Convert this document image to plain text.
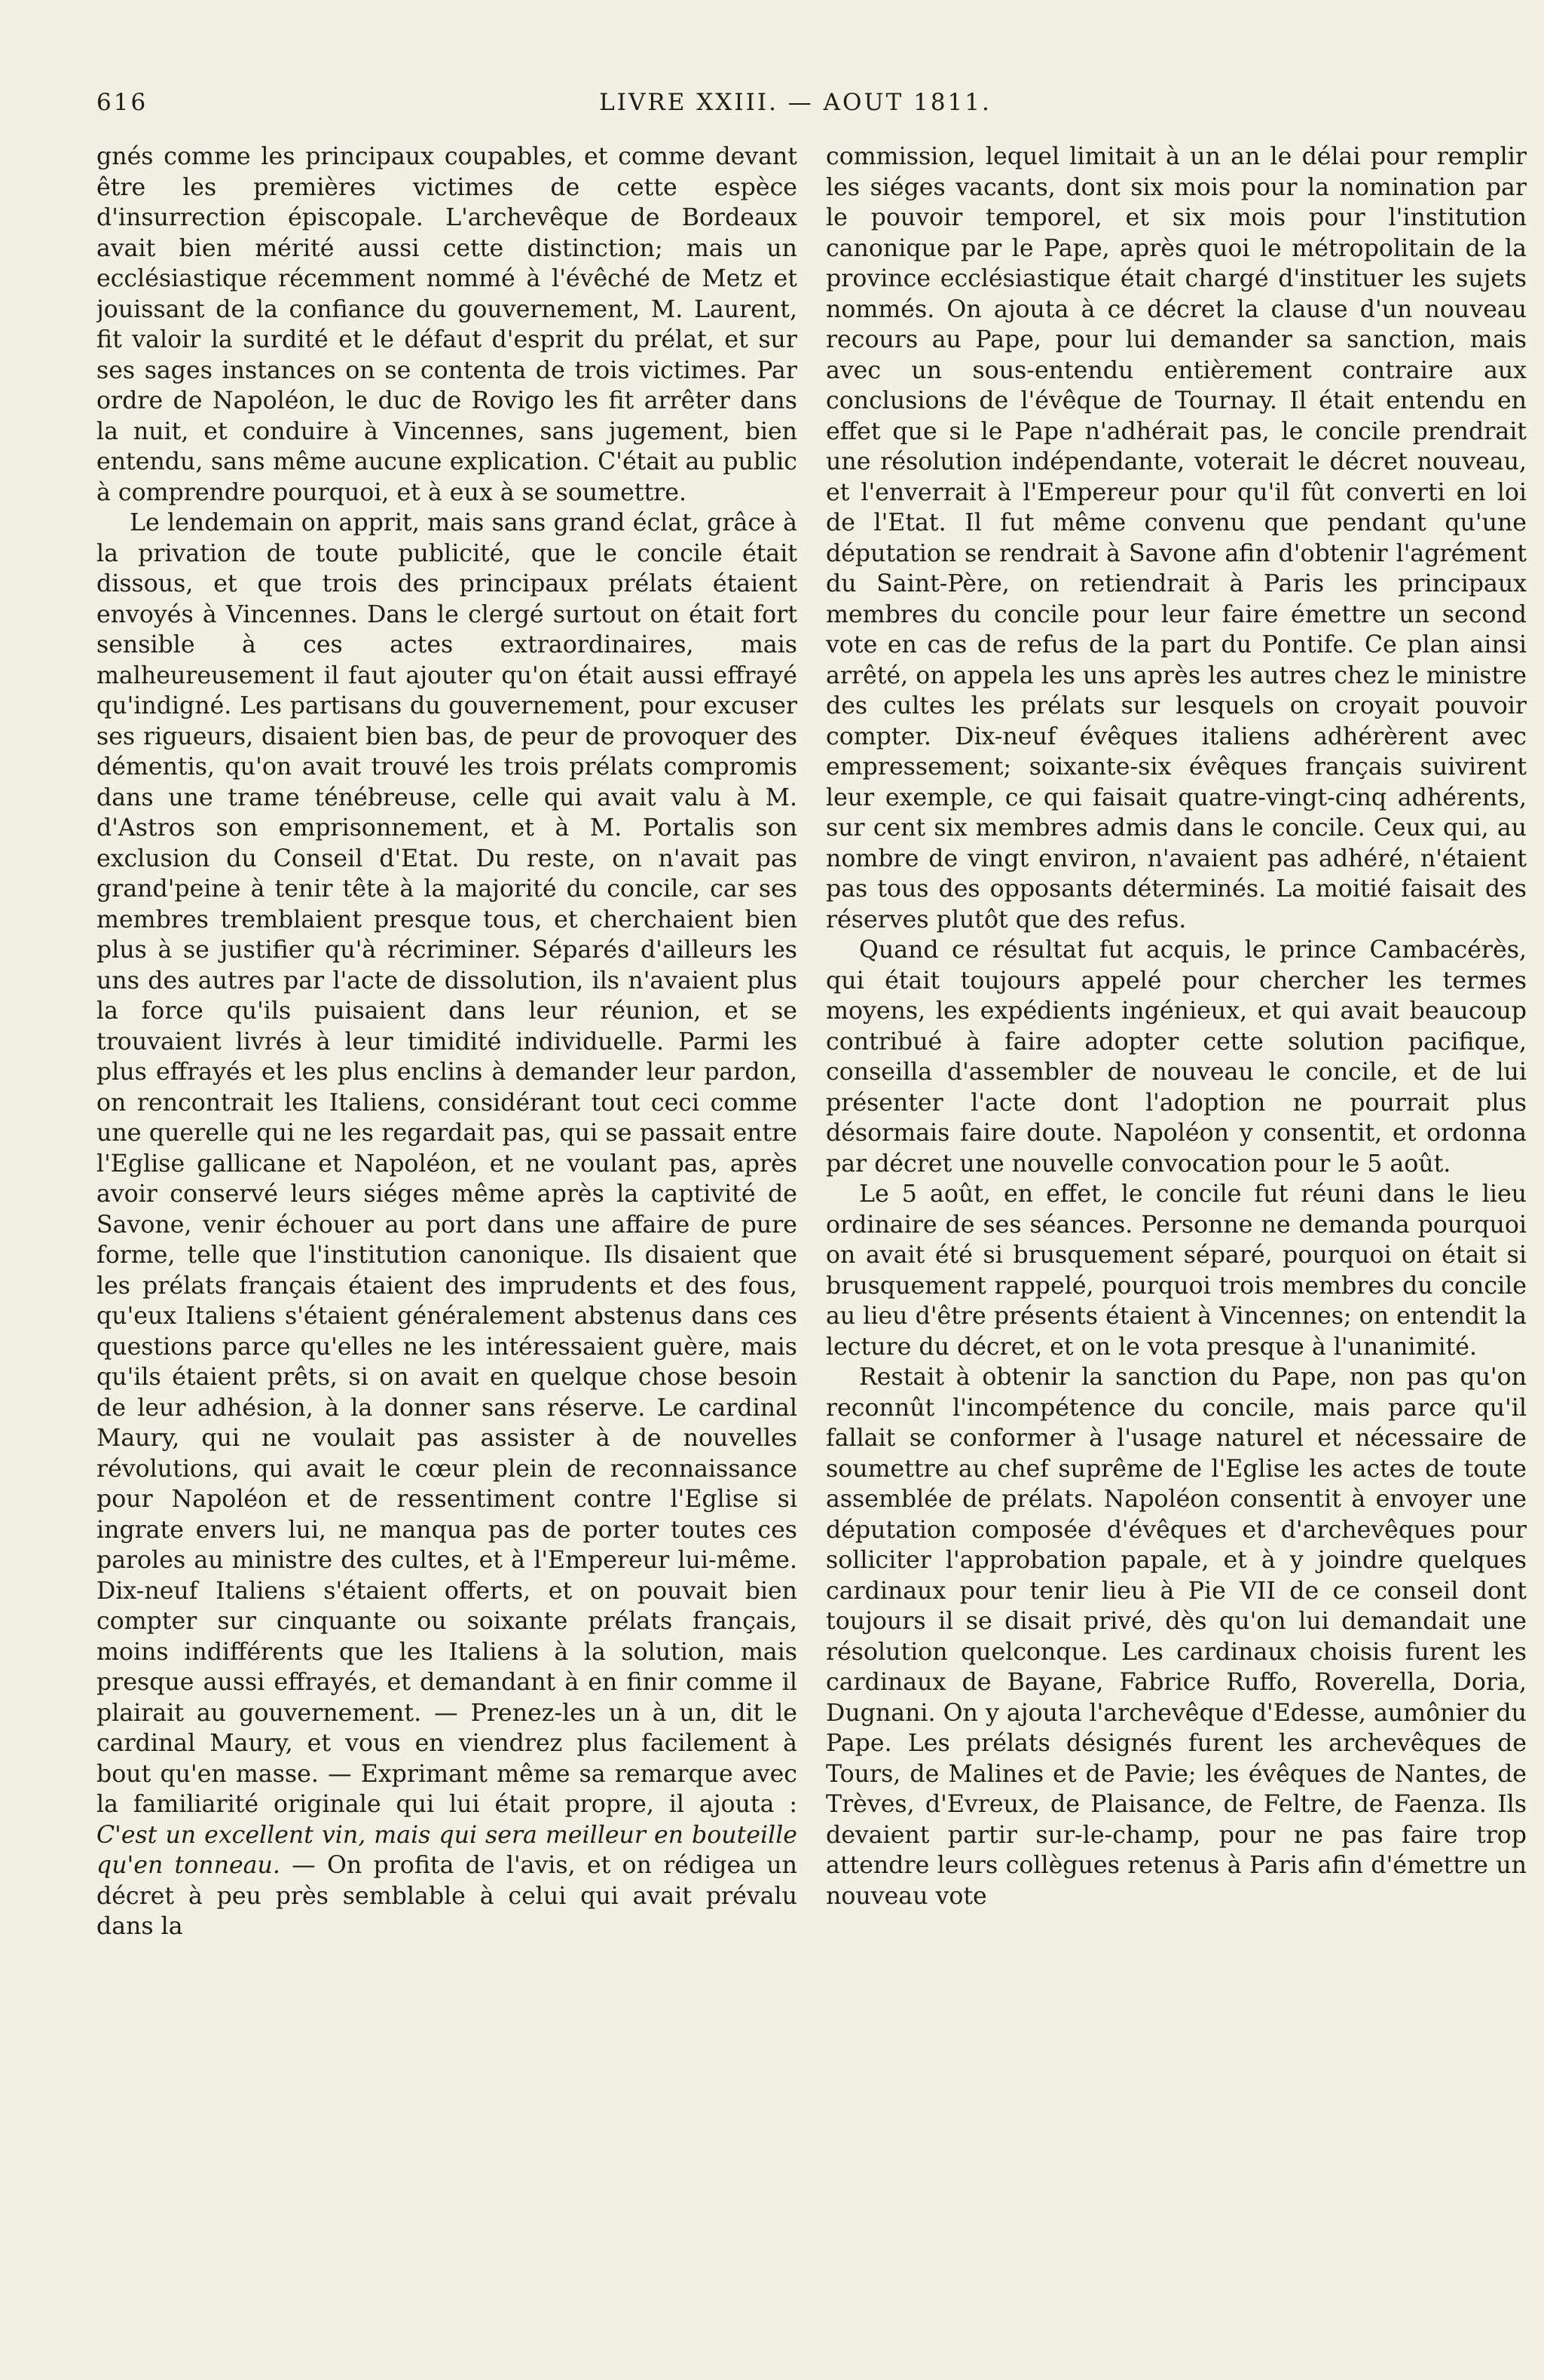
616	LIVRE XXIII. — AOUT 1811.

gnés comme les principaux coupables, et comme devant être les premières victimes de cette espèce d'insurrection épiscopale. L'archevêque de Bordeaux avait bien mérité aussi cette distinction; mais un ecclésiastique récemment nommé à l'évêché de Metz et jouissant de la confiance du gouvernement, M. Laurent, fit valoir la surdité et le défaut d'esprit du prélat, et sur ses sages instances on se contenta de trois victimes. Par ordre de Napoléon, le duc de Rovigo les fit arrêter dans la nuit, et conduire à Vincennes, sans jugement, bien entendu, sans même aucune explication. C'était au public à comprendre pourquoi, et à eux à se soumettre.

Le lendemain on apprit, mais sans grand éclat, grâce à la privation de toute publicité, que le concile était dissous, et que trois des principaux prélats étaient envoyés à Vincennes. Dans le clergé surtout on était fort sensible à ces actes extraordinaires, mais malheureusement il faut ajouter qu'on était aussi effrayé qu'indigné. Les partisans du gouvernement, pour excuser ses rigueurs, disaient bien bas, de peur de provoquer des démentis, qu'on avait trouvé les trois prélats compromis dans une trame ténébreuse, celle qui avait valu à M. d'Astros son emprisonnement, et à M. Portalis son exclusion du Conseil d'Etat. Du reste, on n'avait pas grand'peine à tenir tête à la majorité du concile, car ses membres tremblaient presque tous, et cherchaient bien plus à se justifier qu'à récriminer. Séparés d'ailleurs les uns des autres par l'acte de dissolution, ils n'avaient plus la force qu'ils puisaient dans leur réunion, et se trouvaient livrés à leur timidité individuelle. Parmi les plus effrayés et les plus enclins à demander leur pardon, on rencontrait les Italiens, considérant tout ceci comme une querelle qui ne les regardait pas, qui se passait entre l'Eglise gallicane et Napoléon, et ne voulant pas, après avoir conservé leurs siéges même après la captivité de Savone, venir échouer au port dans une affaire de pure forme, telle que l'institution canonique. Ils disaient que les prélats français étaient des imprudents et des fous, qu'eux Italiens s'étaient généralement abstenus dans ces questions parce qu'elles ne les intéressaient guère, mais qu'ils étaient prêts, si on avait en quelque chose besoin de leur adhésion, à la donner sans réserve. Le cardinal Maury, qui ne voulait pas assister à de nouvelles révolutions, qui avait le cœur plein de reconnaissance pour Napoléon et de ressentiment contre l'Eglise si ingrate envers lui, ne manqua pas de porter toutes ces paroles au ministre des cultes, et à l'Empereur lui-même. Dix-neuf Italiens s'étaient offerts, et on pouvait bien compter sur cinquante ou soixante prélats français, moins indifférents que les Italiens à la solution, mais presque aussi effrayés, et demandant à en finir comme il plairait au gouvernement. — Prenez-les un à un, dit le cardinal Maury, et vous en viendrez plus facilement à bout qu'en masse. — Exprimant même sa remarque avec la familiarité originale qui lui était propre, il ajouta : C'est un excellent vin, mais qui sera meilleur en bouteille qu'en tonneau. — On profita de l'avis, et on rédigea un décret à peu près semblable à celui qui avait prévalu dans la

commission, lequel limitait à un an le délai pour remplir les siéges vacants, dont six mois pour la nomination par le pouvoir temporel, et six mois pour l'institution canonique par le Pape, après quoi le métropolitain de la province ecclésiastique était chargé d'instituer les sujets nommés. On ajouta à ce décret la clause d'un nouveau recours au Pape, pour lui demander sa sanction, mais avec un sous-entendu entièrement contraire aux conclusions de l'évêque de Tournay. Il était entendu en effet que si le Pape n'adhérait pas, le concile prendrait une résolution indépendante, voterait le décret nouveau, et l'enverrait à l'Empereur pour qu'il fût converti en loi de l'Etat. Il fut même convenu que pendant qu'une députation se rendrait à Savone afin d'obtenir l'agrément du Saint-Père, on retiendrait à Paris les principaux membres du concile pour leur faire émettre un second vote en cas de refus de la part du Pontife. Ce plan ainsi arrêté, on appela les uns après les autres chez le ministre des cultes les prélats sur lesquels on croyait pouvoir compter. Dix-neuf évêques italiens adhérèrent avec empressement; soixante-six évêques français suivirent leur exemple, ce qui faisait quatre-vingt-cinq adhérents, sur cent six membres admis dans le concile. Ceux qui, au nombre de vingt environ, n'avaient pas adhéré, n'étaient pas tous des opposants déterminés. La moitié faisait des réserves plutôt que des refus.

Quand ce résultat fut acquis, le prince Cambacérès, qui était toujours appelé pour chercher les termes moyens, les expédients ingénieux, et qui avait beaucoup contribué à faire adopter cette solution pacifique, conseilla d'assembler de nouveau le concile, et de lui présenter l'acte dont l'adoption ne pourrait plus désormais faire doute. Napoléon y consentit, et ordonna par décret une nouvelle convocation pour le 5 août.

Le 5 août, en effet, le concile fut réuni dans le lieu ordinaire de ses séances. Personne ne demanda pourquoi on avait été si brusquement séparé, pourquoi on était si brusquement rappelé, pourquoi trois membres du concile au lieu d'être présents étaient à Vincennes; on entendit la lecture du décret, et on le vota presque à l'unanimité.

Restait à obtenir la sanction du Pape, non pas qu'on reconnût l'incompétence du concile, mais parce qu'il fallait se conformer à l'usage naturel et nécessaire de soumettre au chef suprême de l'Eglise les actes de toute assemblée de prélats. Napoléon consentit à envoyer une députation composée d'évêques et d'archevêques pour solliciter l'approbation papale, et à y joindre quelques cardinaux pour tenir lieu à Pie VII de ce conseil dont toujours il se disait privé, dès qu'on lui demandait une résolution quelconque. Les cardinaux choisis furent les cardinaux de Bayane, Fabrice Ruffo, Roverella, Doria, Dugnani. On y ajouta l'archevêque d'Edesse, aumônier du Pape. Les prélats désignés furent les archevêques de Tours, de Malines et de Pavie; les évêques de Nantes, de Trèves, d'Evreux, de Plaisance, de Feltre, de Faenza. Ils devaient partir sur-le-champ, pour ne pas faire trop attendre leurs collègues retenus à Paris afin d'émettre un nouveau vote
